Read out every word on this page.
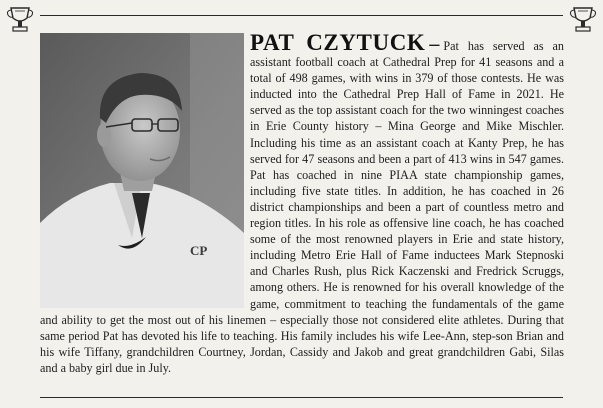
CP
PAT CZYTUCK – Pat has served as an assistant football coach at Cathedral Prep for 41 seasons and a total of 498 games, with wins in 379 of those contests. He was inducted into the Cathedral Prep Hall of Fame in 2021. He served as the top assistant coach for the two winningest coaches in Erie County history – Mina George and Mike Mischler. Including his time as an assistant coach at Kanty Prep, he has served for 47 seasons and been a part of 413 wins in 547 games. Pat has coached in nine PIAA state championship games, including five state titles. In addition, he has coached in 26 district championships and been a part of countless metro and region titles. In his role as offensive line coach, he has coached some of the most renowned players in Erie and state history, including Metro Erie Hall of Fame inductees Mark Stepnoski and Charles Rush, plus Rick Kaczenski and Fredrick Scruggs, among others. He is renowned for his overall knowledge of the game, commitment to teaching the fundamentals of the game and ability to get the most out of his linemen – especially those not considered elite athletes. During that same period Pat has devoted his life to teaching. His family includes his wife Lee-Ann, step-son Brian and his wife Tiffany, grandchildren Courtney, Jordan, Cassidy and Jakob and great grandchildren Gabi, Silas and a baby girl due in July.
